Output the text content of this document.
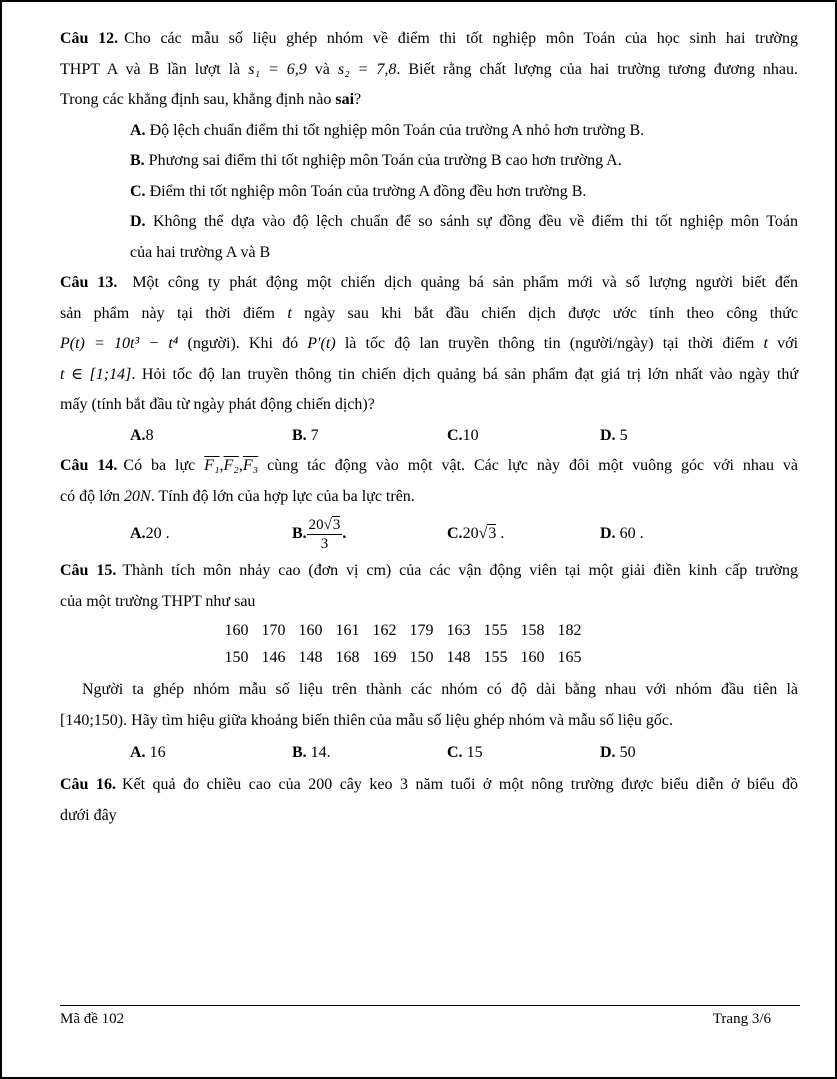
Câu 12. Cho các mẫu số liệu ghép nhóm về điểm thi tốt nghiệp môn Toán của học sinh hai trường
THPT A và B lần lượt là s₁ = 6,9 và s₂ = 7,8. Biết rằng chất lượng của hai trường tương đương nhau.
Trong các khẳng định sau, khẳng định nào sai?
A. Độ lệch chuẩn điểm thi tốt nghiệp môn Toán của trường A nhỏ hơn trường B.
B. Phương sai điểm thi tốt nghiệp môn Toán của trường B cao hơn trường A.
C. Điểm thi tốt nghiệp môn Toán của trường A đồng đều hơn trường B.
D. Không thể dựa vào độ lệch chuẩn để so sánh sự đồng đều về điểm thi tốt nghiệp môn Toán
của hai trường A và B
Câu 13. Một công ty phát động một chiến dịch quảng bá sản phẩm mới và số lượng người biết đến
sản phẩm này tại thời điểm t ngày sau khi bắt đầu chiến dịch được ước tính theo công thức
P(t) = 10t³ − t⁴ (người). Khi đó P′(t) là tốc độ lan truyền thông tin (người/ngày) tại thời điểm t với
t ∈ [1;14]. Hỏi tốc độ lan truyền thông tin chiến dịch quảng bá sản phẩm đạt giá trị lớn nhất vào ngày thứ
mấy (tính bắt đầu từ ngày phát động chiến dịch)?
A.8	B. 7	C.10	D. 5
Câu 14. Có ba lực F₁,F₂,F₃ cùng tác động vào một vật. Các lực này đôi một vuông góc với nhau và
có độ lớn 20N. Tính độ lớn của hợp lực của ba lực trên.
A.20 .	B. $\frac{20√3}{3}$ .	C.20√3 .	D. 60 .
Câu 15. Thành tích môn nhảy cao (đơn vị cm) của các vận động viên tại một giải điền kinh cấp trường
của một trường THPT như sau
160	170	160	161	162	179	163	155	158	182
150	146	148	168	169	150	148	155	160	165
Người ta ghép nhóm mẫu số liệu trên thành các nhóm có độ dài bằng nhau với nhóm đầu tiên là
[140;150). Hãy tìm hiệu giữa khoảng biến thiên của mẫu số liệu ghép nhóm và mẫu số liệu gốc.
A. 16	B. 14.	C. 15	D. 50
Câu 16. Kết quả đo chiều cao của 200 cây keo 3 năm tuổi ở một nông trường được biểu diễn ở biểu đồ
dưới đây
Mã đề 102	Trang 3/6
